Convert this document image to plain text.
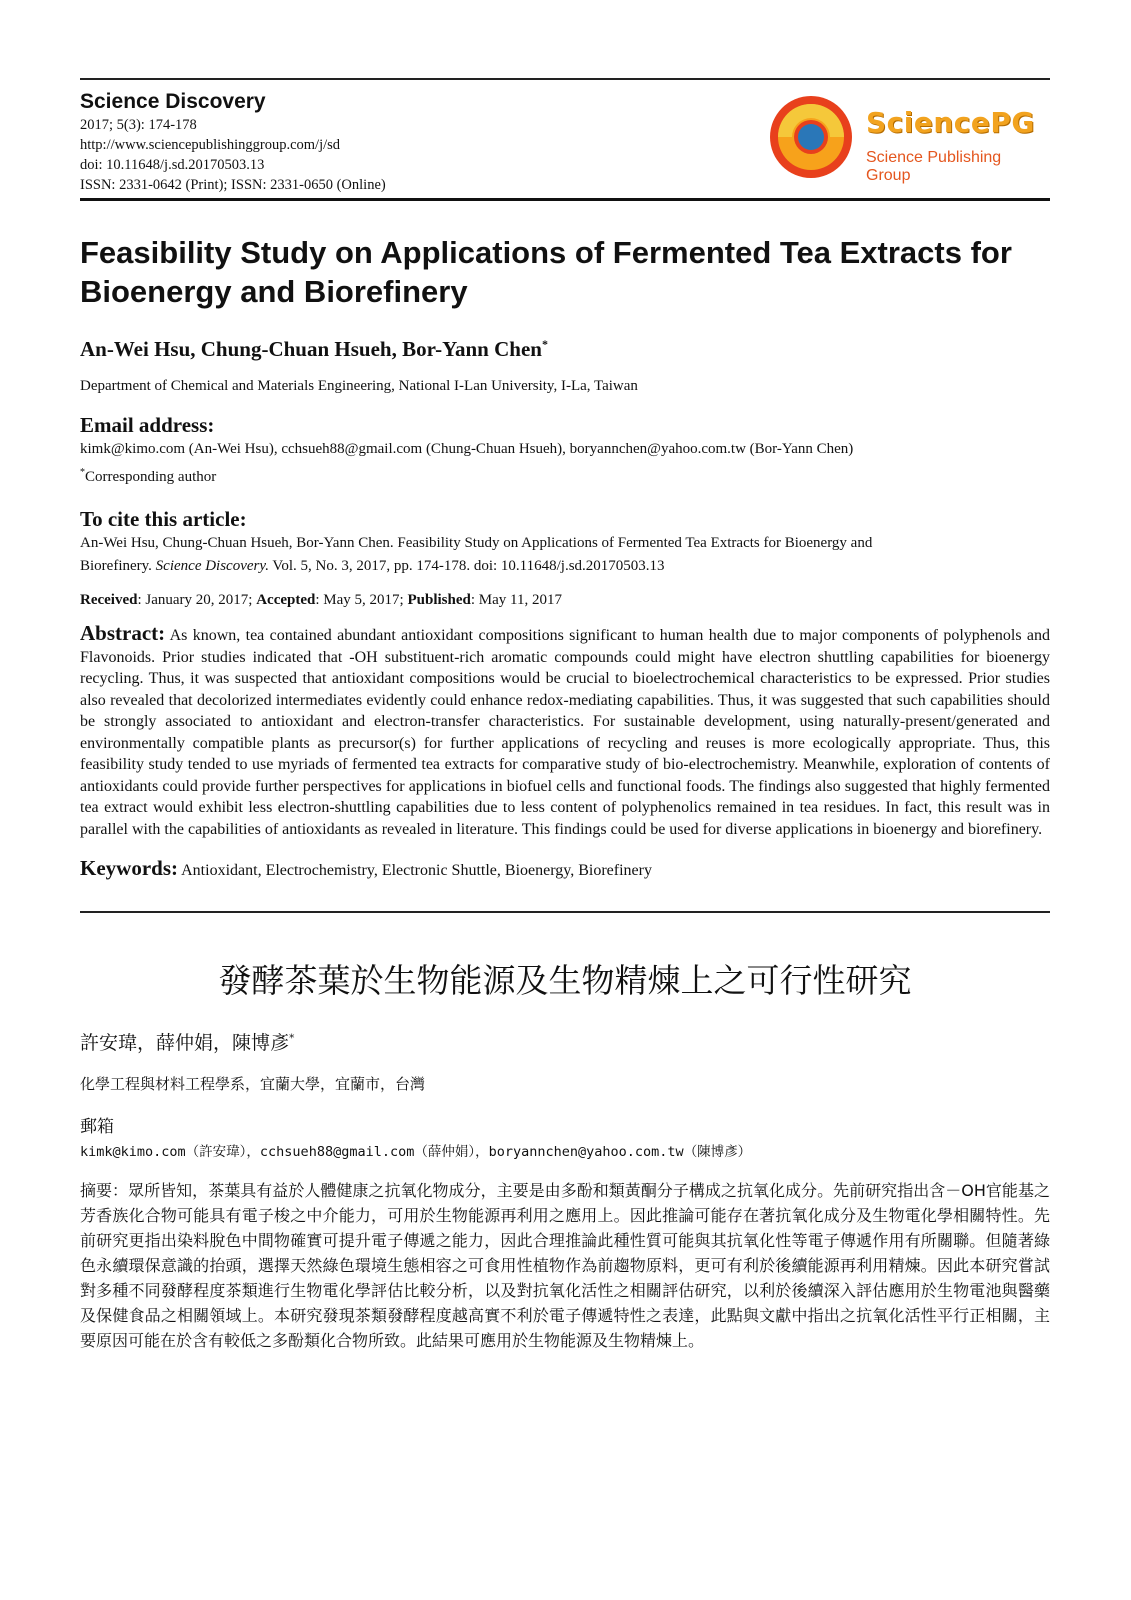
Science Discovery
2017; 5(3): 174-178
http://www.sciencepublishinggroup.com/j/sd
doi: 10.11648/j.sd.20170503.13
ISSN: 2331-0642 (Print); ISSN: 2331-0650 (Online)
SciencePG
Science Publishing Group
Feasibility Study on Applications of Fermented Tea Extracts for Bioenergy and Biorefinery
An-Wei Hsu, Chung-Chuan Hsueh, Bor-Yann Chen*
Department of Chemical and Materials Engineering, National I-Lan University, I-La, Taiwan
Email address:
kimk@kimo.com (An-Wei Hsu), cchsueh88@gmail.com (Chung-Chuan Hsueh), boryannchen@yahoo.com.tw (Bor-Yann Chen)
*Corresponding author
To cite this article:
An-Wei Hsu, Chung-Chuan Hsueh, Bor-Yann Chen. Feasibility Study on Applications of Fermented Tea Extracts for Bioenergy and
Biorefinery. Science Discovery. Vol. 5, No. 3, 2017, pp. 174-178. doi: 10.11648/j.sd.20170503.13
Received: January 20, 2017; Accepted: May 5, 2017; Published: May 11, 2017
Abstract: As known, tea contained abundant antioxidant compositions significant to human health due to major components of polyphenols and Flavonoids. Prior studies indicated that -OH substituent-rich aromatic compounds could might have electron shuttling capabilities for bioenergy recycling. Thus, it was suspected that antioxidant compositions would be crucial to bioelectrochemical characteristics to be expressed. Prior studies also revealed that decolorized intermediates evidently could enhance redox-mediating capabilities. Thus, it was suggested that such capabilities should be strongly associated to antioxidant and electron-transfer characteristics. For sustainable development, using naturally-present/generated and environmentally compatible plants as precursor(s) for further applications of recycling and reuses is more ecologically appropriate. Thus, this feasibility study tended to use myriads of fermented tea extracts for comparative study of bio-electrochemistry. Meanwhile, exploration of contents of antioxidants could provide further perspectives for applications in biofuel cells and functional foods. The findings also suggested that highly fermented tea extract would exhibit less electron-shuttling capabilities due to less content of polyphenolics remained in tea residues. In fact, this result was in parallel with the capabilities of antioxidants as revealed in literature. This findings could be used for diverse applications in bioenergy and biorefinery.
Keywords: Antioxidant, Electrochemistry, Electronic Shuttle, Bioenergy, Biorefinery
發酵茶葉於生物能源及生物精煉上之可行性研究
許安瑋，薛仲娟，陳博彥*
化學工程與材料工程學系，宜蘭大學，宜蘭市，台灣
郵箱
kimk@kimo.com（許安瑋），cchsueh88@gmail.com（薛仲娟），boryannchen@yahoo.com.tw（陳博彥）
摘要：眾所皆知，茶葉具有益於人體健康之抗氧化物成分，主要是由多酚和類黃酮分子構成之抗氧化成分。先前研究指出含－OH官能基之芳香族化合物可能具有電子梭之中介能力，可用於生物能源再利用之應用上。因此推論可能存在著抗氧化成分及生物電化學相關特性。先前研究更指出染料脫色中間物確實可提升電子傳遞之能力，因此合理推論此種性質可能與其抗氧化性等電子傳遞作用有所關聯。但隨著綠色永續環保意識的抬頭，選擇天然綠色環境生態相容之可食用性植物作為前趨物原料，更可有利於後續能源再利用精煉。因此本研究嘗試對多種不同發酵程度茶類進行生物電化學評估比較分析，以及對抗氧化活性之相關評估研究，以利於後續深入評估應用於生物電池與醫藥及保健食品之相關領域上。本研究發現茶類發酵程度越高實不利於電子傳遞特性之表達，此點與文獻中指出之抗氧化活性平行正相關，主要原因可能在於含有較低之多酚類化合物所致。此結果可應用於生物能源及生物精煉上。
